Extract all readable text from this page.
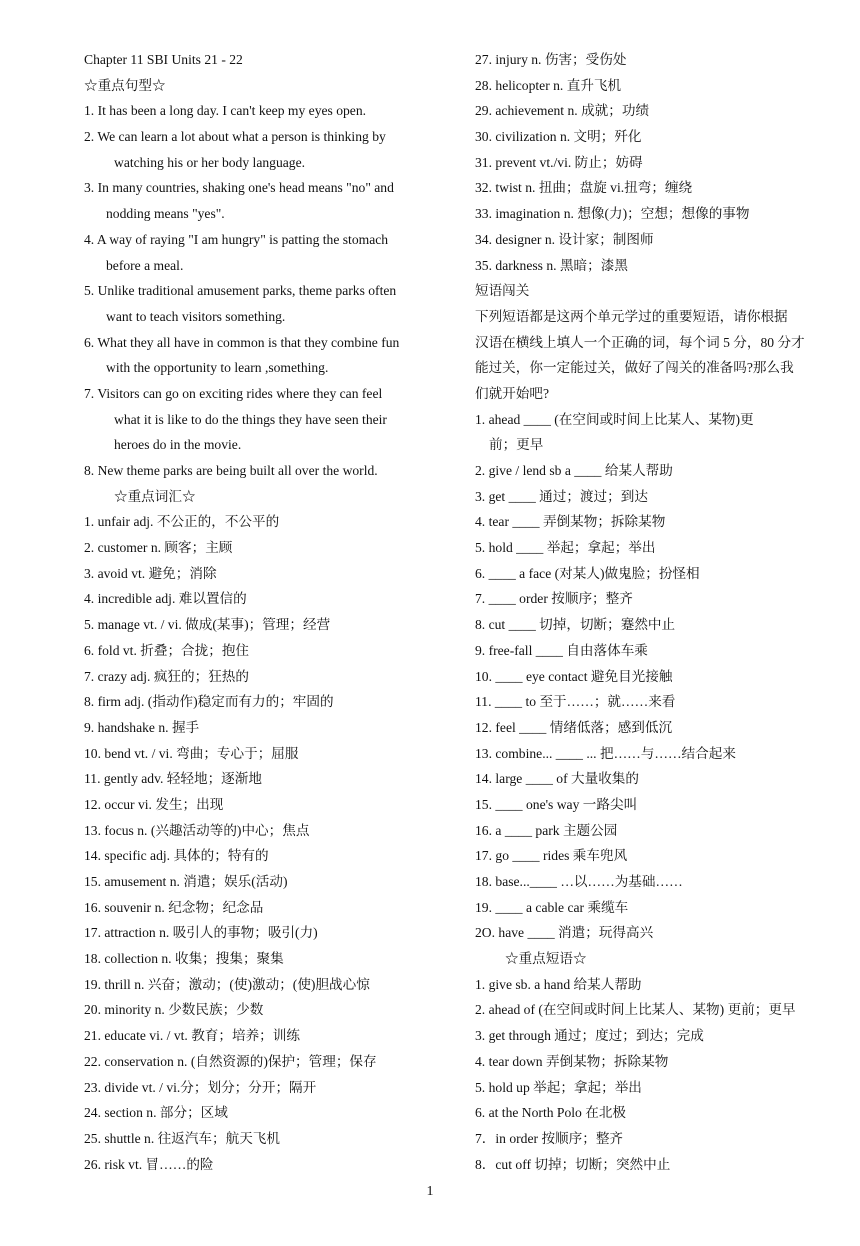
Chapter 11 SBI Units 21 - 22
☆重点句型☆
1. It has been a long day. I can't keep my eyes open.
2. We can learn a lot about what a person is thinking by
watching his or her body language.
3. In many countries, shaking one's head means "no" and
nodding means "yes".
4. A way of raying "I am hungry" is patting the stomach
before a meal.
5. Unlike traditional amusement parks, theme parks often
want to teach visitors something.
6. What they all have in common is that they combine fun
with the opportunity to learn ,something.
7. Visitors can go on exciting rides where they can feel
what it is like to do the things they have seen their
heroes do in the movie.
8. New theme parks are being built all over the world.
☆重点词汇☆
1. unfair adj. 不公正的，不公平的
2. customer n. 顾客；主顾
3. avoid vt. 避免；消除
4. incredible adj. 难以置信的
5. manage vt. / vi. 做成(某事)；管理；经营
6. fold vt. 折叠；合拢；抱住
7. crazy adj. 疯狂的；狂热的
8. firm adj. (指动作)稳定而有力的；牢固的
9. handshake n. 握手
10. bend vt. / vi. 弯曲；专心于；屈服
11. gently adv. 轻轻地；逐渐地
12. occur vi. 发生；出现
13. focus n. (兴趣活动等的)中心；焦点
14. specific adj. 具体的；特有的
15. amusement n. 消遣；娱乐(活动)
16. souvenir n. 纪念物；纪念品
17. attraction n. 吸引人的事物；吸引(力)
18. collection n. 收集；搜集；聚集
19. thrill n. 兴奋；激动；(使)激动；(使)胆战心惊
20. minority n. 少数民族；少数
21. educate vi. / vt. 教育；培养；训练
22. conservation n. (自然资源的)保护；管理；保存
23. divide vt. / vi.分；划分；分开；隔开
24. section n. 部分；区域
25. shuttle n. 往返汽车；航天飞机
26. risk vt. 冒……的险
27. injury n. 伤害；受伤处
28. helicopter n. 直升飞机
29. achievement n. 成就；功绩
30. civilization n. 文明；歼化
31. prevent vt./vi. 防止；妨碍
32. twist n. 扭曲；盘旋 vi.扭弯；缠绕
33. imagination n. 想像(力)；空想；想像的事物
34. designer n. 设计家；制图师
35. darkness n. 黑暗；漆黑
短语闯关
下列短语都是这两个单元学过的重要短语，请你根据
汉语在横线上填人一个正确的词，每个词 5 分，80 分才
能过关，你一定能过关，做好了闯关的准备吗?那么我
们就开始吧?
1. ahead ____ (在空间或时间上比某人、某物)更
前；更早
2. give / lend sb a ____ 给某人帮助
3. get ____ 通过；渡过；到达
4. tear ____ 弄倒某物；拆除某物
5. hold ____ 举起；拿起；举出
6. ____ a face (对某人)做鬼脸；扮怪相
7. ____ order 按顺序；整齐
8. cut ____ 切掉，切断；蹇然中止
9. free-fall ____ 自由落体车乘
10. ____ eye contact 避免目光接触
11. ____ to 至于……；就……来看
12. feel ____ 情绪低落；感到低沉
13. combine... ____ ... 把……与……结合起来
14. large ____ of 大量收集的
15. ____ one's way 一路尖叫
16. a ____ park 主题公园
17. go ____ rides 乘车兜风
18. base...____ …以……为基础……
19. ____ a cable car 乘缆车
2O. have ____ 消遣；玩得高兴
☆重点短语☆
1. give sb. a hand 给某人帮助
2. ahead of (在空间或时间上比某人、某物) 更前；更早
3. get through 通过；度过；到达；完成
4. tear down 弄倒某物；拆除某物
5. hold up 举起；拿起；举出
6. at the North Polo 在北极
7．in order 按顺序；整齐
8．cut off 切掉；切断；突然中止
1
